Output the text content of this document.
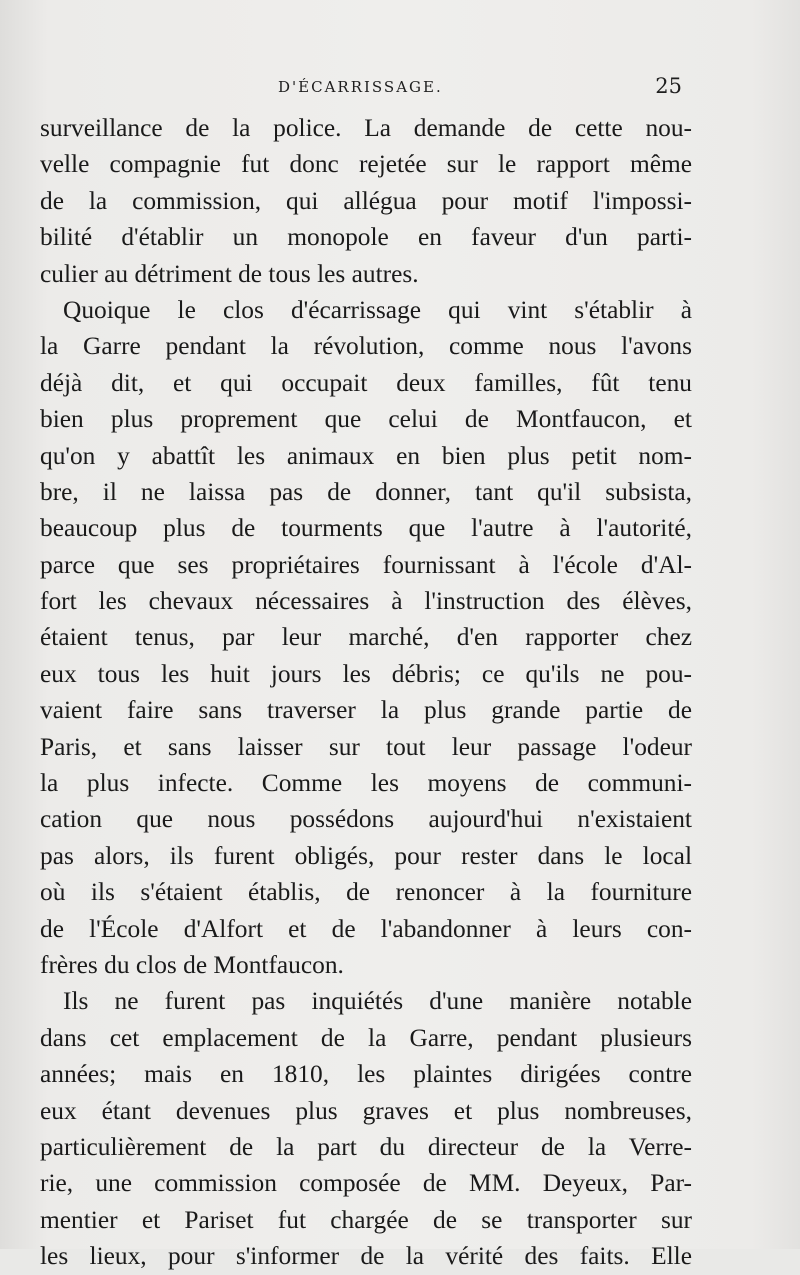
D'ÉCARRISSAGE.	25
surveillance de la police. La demande de cette nou-
velle compagnie fut donc rejetée sur le rapport même
de la commission, qui allégua pour motif l'impossi-
bilité d'établir un monopole en faveur d'un parti-
culier au détriment de tous les autres.
Quoique le clos d'écarrissage qui vint s'établir à
la Garre pendant la révolution, comme nous l'avons
déjà dit, et qui occupait deux familles, fût tenu
bien plus proprement que celui de Montfaucon, et
qu'on y abattît les animaux en bien plus petit nom-
bre, il ne laissa pas de donner, tant qu'il subsista,
beaucoup plus de tourments que l'autre à l'autorité,
parce que ses propriétaires fournissant à l'école d'Al-
fort les chevaux nécessaires à l'instruction des élèves,
étaient tenus, par leur marché, d'en rapporter chez
eux tous les huit jours les débris; ce qu'ils ne pou-
vaient faire sans traverser la plus grande partie de
Paris, et sans laisser sur tout leur passage l'odeur
la plus infecte. Comme les moyens de communi-
cation que nous possédons aujourd'hui n'existaient
pas alors, ils furent obligés, pour rester dans le local
où ils s'étaient établis, de renoncer à la fourniture
de l'École d'Alfort et de l'abandonner à leurs con-
frères du clos de Montfaucon.
Ils ne furent pas inquiétés d'une manière notable
dans cet emplacement de la Garre, pendant plusieurs
années; mais en 1810, les plaintes dirigées contre
eux étant devenues plus graves et plus nombreuses,
particulièrement de la part du directeur de la Verre-
rie, une commission composée de MM. Deyeux, Par-
mentier et Pariset fut chargée de se transporter sur
les lieux, pour s'informer de la vérité des faits. Elle
